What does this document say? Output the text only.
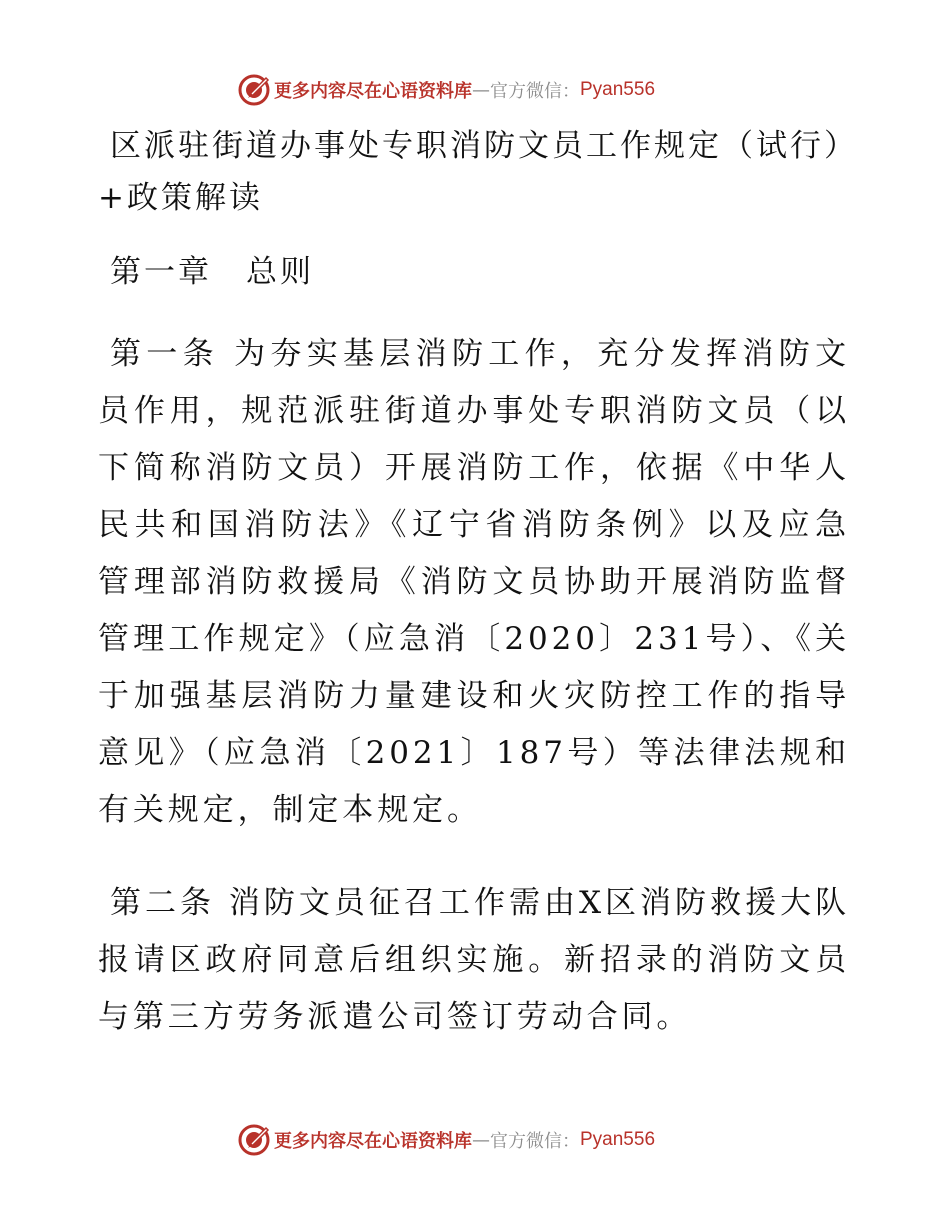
更多内容尽在心语资料库 — 官方微信： Pyan556

区派驻街道办事处专职消防文员工作规定（试行）+政策解读

第一章　总则

第一条 为夯实基层消防工作，充分发挥消防文员作用，规范派驻街道办事处专职消防文员（以下简称消防文员）开展消防工作，依据《中华人民共和国消防法》《辽宁省消防条例》以及应急管理部消防救援局《消防文员协助开展消防监督管理工作规定》（应急消〔2020〕231号）、《关于加强基层消防力量建设和火灾防控工作的指导意见》（应急消〔2021〕187号）等法律法规和有关规定，制定本规定。

第二条 消防文员征召工作需由X区消防救援大队报请区政府同意后组织实施。新招录的消防文员与第三方劳务派遣公司签订劳动合同。

更多内容尽在心语资料库 — 官方微信： Pyan556
